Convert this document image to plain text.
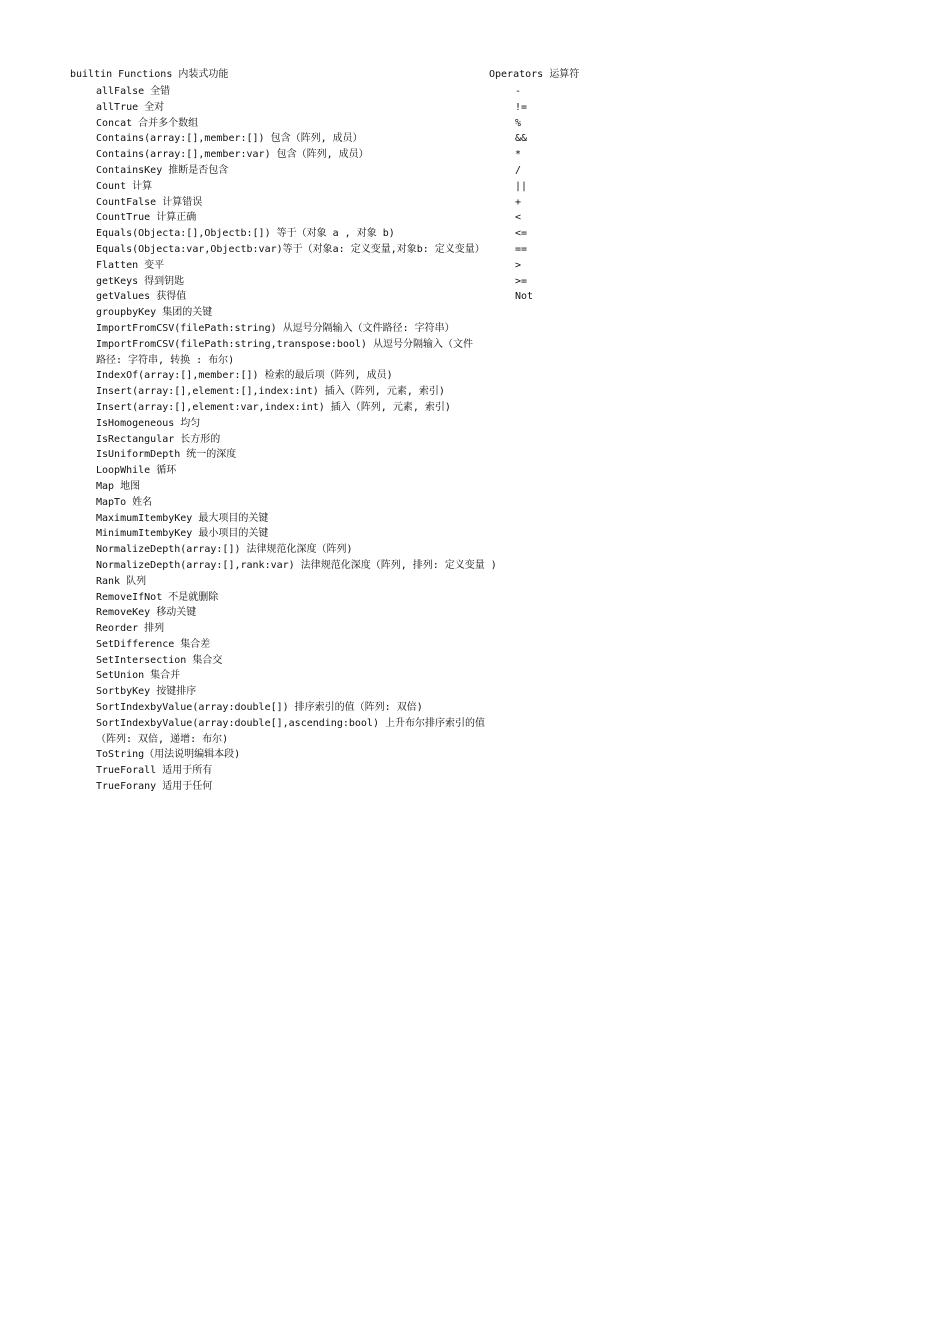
builtin Functions 内装式功能	Operators 运算符
allFalse 全错
allTrue 全对
Concat 合并多个数组
Contains(array:[],member:[]) 包含（阵列, 成员）
Contains(array:[],member:var) 包含（阵列, 成员）
ContainsKey 推断是否包含
Count 计算
CountFalse 计算错误
CountTrue 计算正确
Equals(Objecta:[],Objectb:[]) 等于（对象 a , 对象 b)
Equals(Objecta:var,Objectb:var)等于（对象a: 定义变量,对象b: 定义变量）
Flatten 变平
getKeys 得到钥匙
getValues 获得值
groupbyKey 集团的关键
ImportFromCSV(filePath:string) 从逗号分隔输入（文件路径: 字符串）
ImportFromCSV(filePath:string,transpose:bool) 从逗号分隔输入（文件
路径: 字符串, 转换 : 布尔)
IndexOf(array:[],member:[]) 检索的最后项（阵列, 成员)
Insert(array:[],element:[],index:int) 插入（阵列, 元素, 索引)
Insert(array:[],element:var,index:int) 插入（阵列, 元素, 索引)
IsHomogeneous 均匀
IsRectangular 长方形的
IsUniformDepth 统一的深度
LoopWhile 循环
Map 地图
MapTo 姓名
MaximumItembyKey 最大项目的关键
MinimumItembyKey 最小项目的关键
NormalizeDepth(array:[]) 法律规范化深度（阵列)
NormalizeDepth(array:[],rank:var) 法律规范化深度（阵列, 排列: 定义变量 )
Rank 队列
RemoveIfNot 不是就删除
RemoveKey 移动关键
Reorder 排列
SetDifference 集合差
SetIntersection 集合交
SetUnion 集合并
SortbyKey 按键排序
SortIndexbyValue(array:double[]) 排序索引的值（阵列: 双倍)
SortIndexbyValue(array:double[],ascending:bool) 上升布尔排序索引的值
（阵列: 双倍, 递增: 布尔)
ToString（用法说明编辑本段)
TrueForall 适用于所有
TrueForany 适用于任何
-
!=
%
&&
*
/
||
+
<
<=
==
>
>=
Not
